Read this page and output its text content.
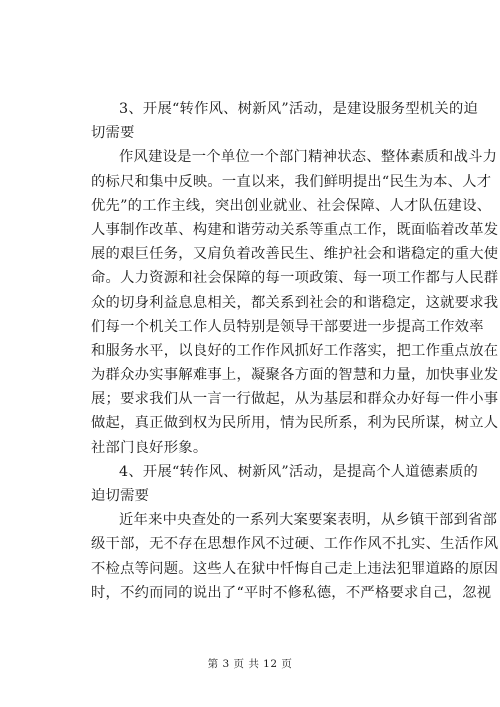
3、开展“转作风、树新风”活动，是建设服务型机关的迫
切需要
作风建设是一个单位一个部门精神状态、整体素质和战斗力
的标尺和集中反映。一直以来，我们鲜明提出“民生为本、人才
优先”的工作主线，突出创业就业、社会保障、人才队伍建设、
人事制作改革、构建和谐劳动关系等重点工作，既面临着改革发
展的艰巨任务，又肩负着改善民生、维护社会和谐稳定的重大使
命。人力资源和社会保障的每一项政策、每一项工作都与人民群
众的切身利益息息相关，都关系到社会的和谐稳定，这就要求我
们每一个机关工作人员特别是领导干部要进一步提高工作效率
和服务水平，以良好的工作作风抓好工作落实，把工作重点放在
为群众办实事解难事上，凝聚各方面的智慧和力量，加快事业发
展；要求我们从一言一行做起，从为基层和群众办好每一件小事
做起，真正做到权为民所用，情为民所系，利为民所谋，树立人
社部门良好形象。
4、开展“转作风、树新风”活动，是提高个人道德素质的
迫切需要
近年来中央查处的一系列大案要案表明，从乡镇干部到省部
级干部，无不存在思想作风不过硬、工作作风不扎实、生活作风
不检点等问题。这些人在狱中忏悔自己走上违法犯罪道路的原因
时，不约而同的说出了“平时不修私德，不严格要求自己，忽视
第 3 页 共 12 页
